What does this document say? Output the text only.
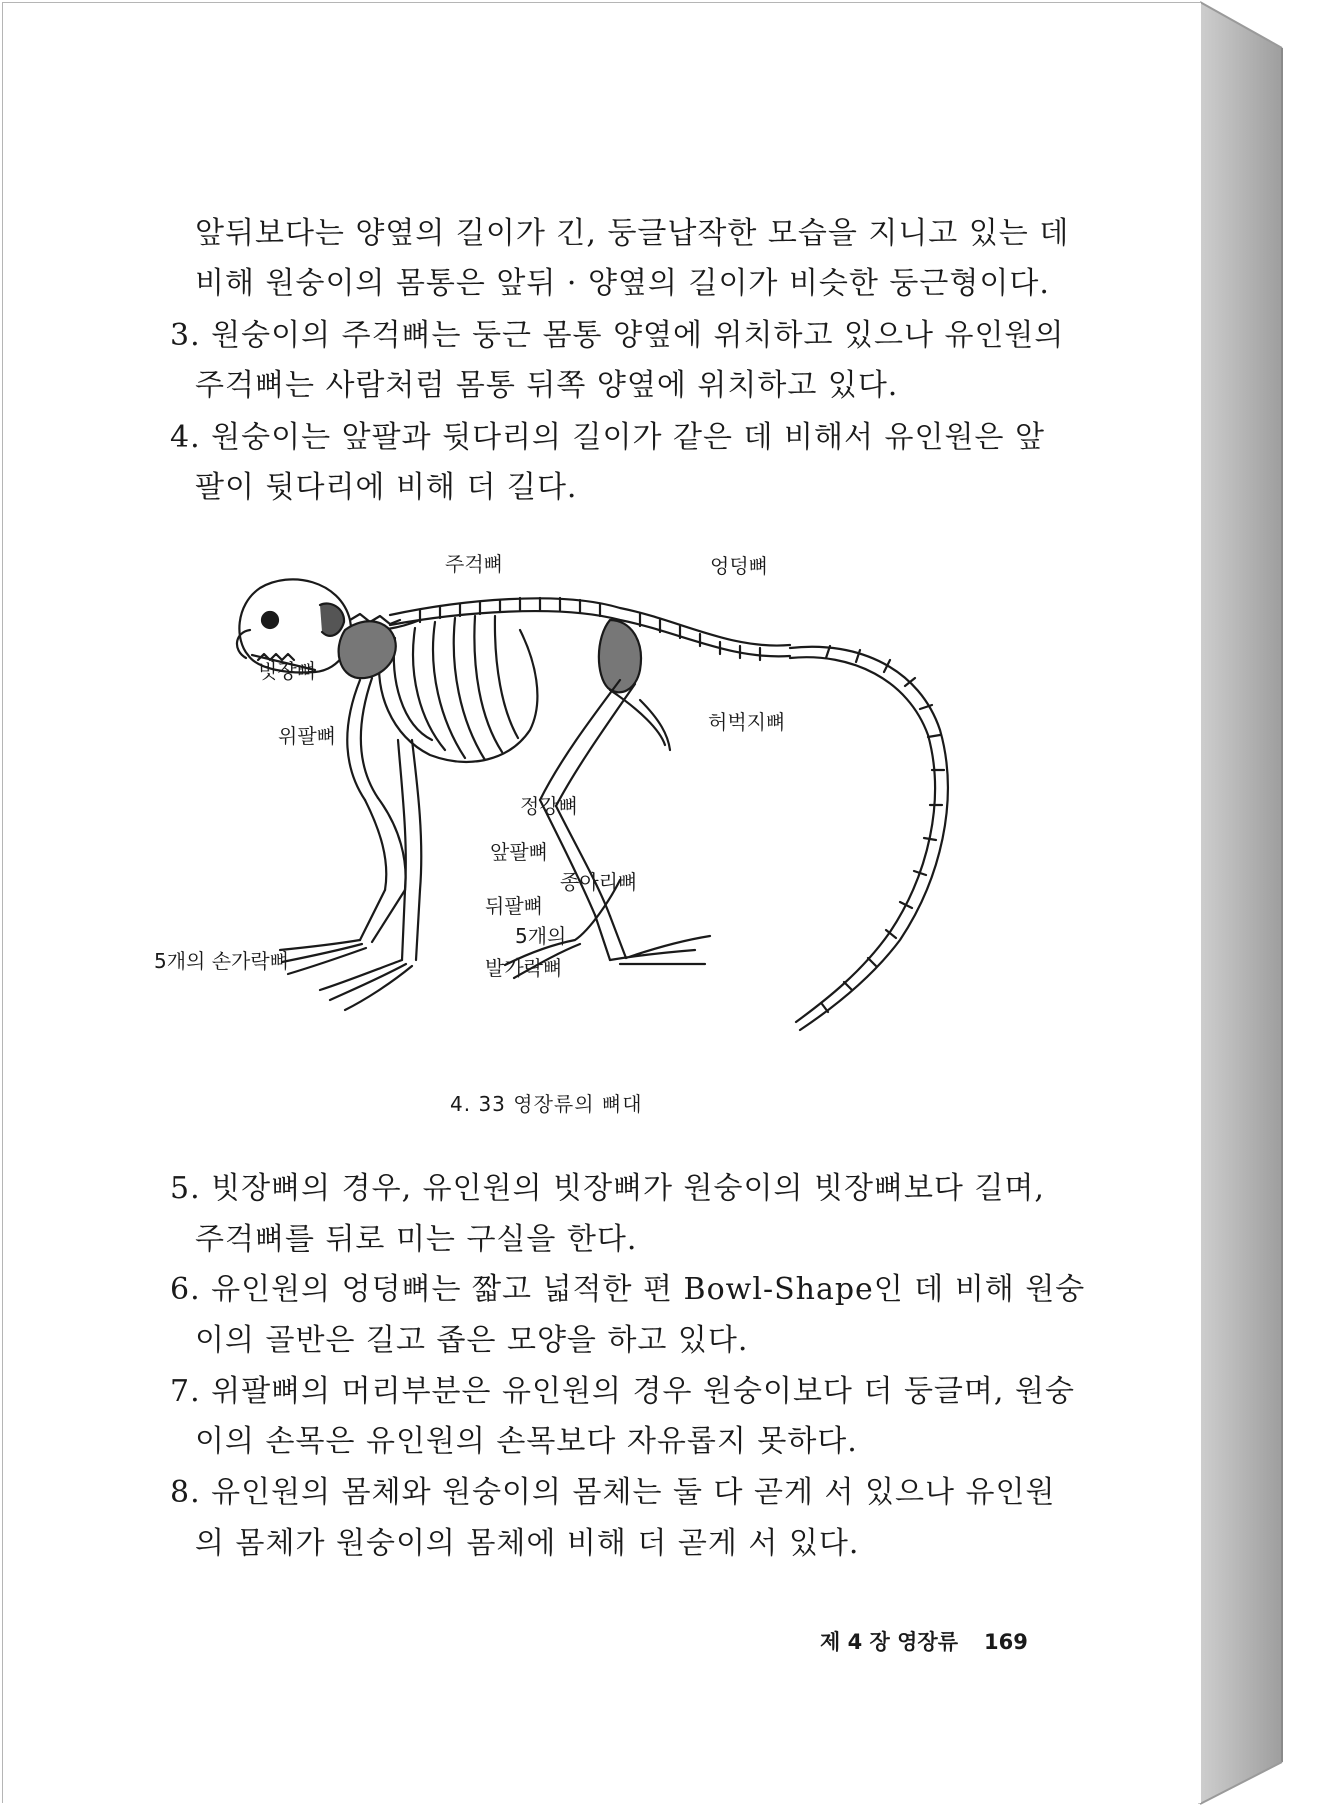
앞뒤보다는 양옆의 길이가 긴, 둥글납작한 모습을 지니고 있는 데
비해 원숭이의 몸통은 앞뒤 · 양옆의 길이가 비슷한 둥근형이다.
3. 원숭이의 주걱뼈는 둥근 몸통 양옆에 위치하고 있으나 유인원의
주걱뼈는 사람처럼 몸통 뒤쪽 양옆에 위치하고 있다.
4. 원숭이는 앞팔과 뒷다리의 길이가 같은 데 비해서 유인원은 앞
팔이 뒷다리에 비해 더 길다.
주걱뼈	엉덩뼈
빗장뼈
위팔뼈
허벅지뼈
정강뼈
앞팔뼈
종아리뼈
뒤팔뼈
5개의 손가락뼈
5개의
발가락뼈
4. 33 영장류의 뼈대
5. 빗장뼈의 경우, 유인원의 빗장뼈가 원숭이의 빗장뼈보다 길며,
주걱뼈를 뒤로 미는 구실을 한다.
6. 유인원의 엉덩뼈는 짧고 넓적한 편 Bowl-Shape인 데 비해 원숭
이의 골반은 길고 좁은 모양을 하고 있다.
7. 위팔뼈의 머리부분은 유인원의 경우 원숭이보다 더 둥글며, 원숭
이의 손목은 유인원의 손목보다 자유롭지 못하다.
8. 유인원의 몸체와 원숭이의 몸체는 둘 다 곧게 서 있으나 유인원
의 몸체가 원숭이의 몸체에 비해 더 곧게 서 있다.
제 4 장 영장류 169
